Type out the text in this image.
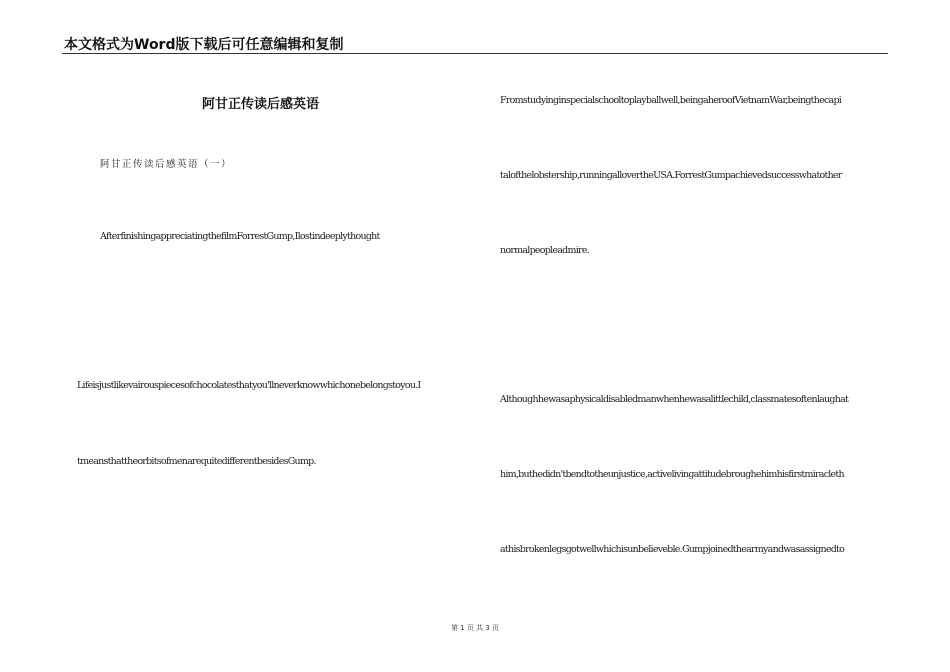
本文格式为Word版下载后可任意编辑和复制
阿甘正传读后感英语
阿甘正传读后感英语（一）
AfterfinishingappreciatingthefilmForrestGump,Ilostindeeplythought
Lifeisjustlikevairouspiecesofchocolatesthatyou'llneverknowwhichonebelongstoyou.I
tmeansthattheorbitsofmenarequitedifferentbesidesGump.
Fromstudyinginspecialschooltoplayballwell,beingaheroofVietnamWar,beingthecapi
talofthelobstership,runningallovertheUSA.ForrestGumpachievedsuccesswhatother
normalpeopleadmire.
Althoughhewasaphysicaldisabledmanwhenhewasalittlechild,classmatesoftenlaughat
him,buthedidn'tbendtotheunjustice,activelivingattitudebroughehimhisfirstmiracleth
athisbrokenlegsgotwellwhichisunbelieveble.Gumpjoinedthearmyandwasassignedto
第 1 页 共 3 页
